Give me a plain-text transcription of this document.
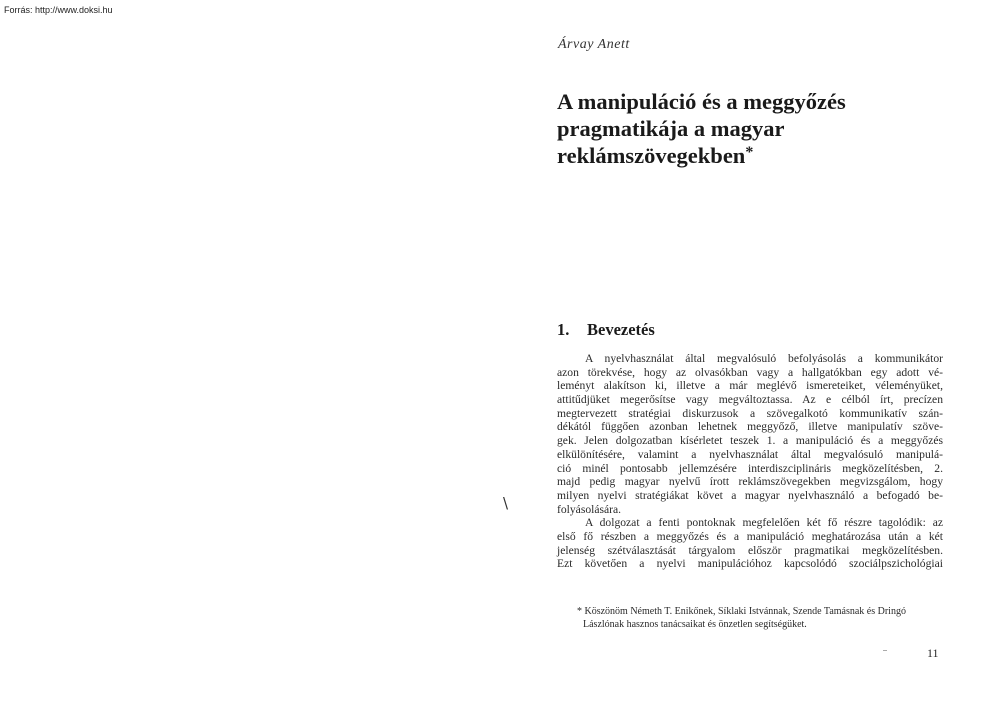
Forrás: http://www.doksi.hu
Árvay Anett
A manipuláció és a meggyőzés
pragmatikája a magyar
reklámszövegekben*
1. Bevezetés
A nyelvhasználat által megvalósuló befolyásolás a kommunikátor
azon törekvése, hogy az olvasókban vagy a hallgatókban egy adott vé-
leményt alakítson ki, illetve a már meglévő ismereteiket, véleményüket,
attitűdjüket megerősítse vagy megváltoztassa. Az e célból írt, precízen
megtervezett stratégiai diskurzusok a szövegalkotó kommunikatív szán-
dékától függően azonban lehetnek meggyőző, illetve manipulatív szöve-
gek. Jelen dolgozatban kísérletet teszek 1. a manipuláció és a meggyőzés
elkülönítésére, valamint a nyelvhasználat által megvalósuló manipulá-
ció minél pontosabb jellemzésére interdiszciplináris megközelítésben, 2.
majd pedig magyar nyelvű írott reklámszövegekben megvizsgálom, hogy
milyen nyelvi stratégiákat követ a magyar nyelvhasználó a befogadó be-
folyásolására.
A dolgozat a fenti pontoknak megfelelően két fő részre tagolódik: az
első fő részben a meggyőzés és a manipuláció meghatározása után a két
jelenség szétválasztását tárgyalom először pragmatikai megközelítésben.
Ezt követően a nyelvi manipulációhoz kapcsolódó szociálpszichológiai
\
* Köszönöm Németh T. Enikőnek, Síklaki Istvánnak, Szende Tamásnak és Dringó
Lászlónak hasznos tanácsaikat és önzetlen segítségüket.
11
